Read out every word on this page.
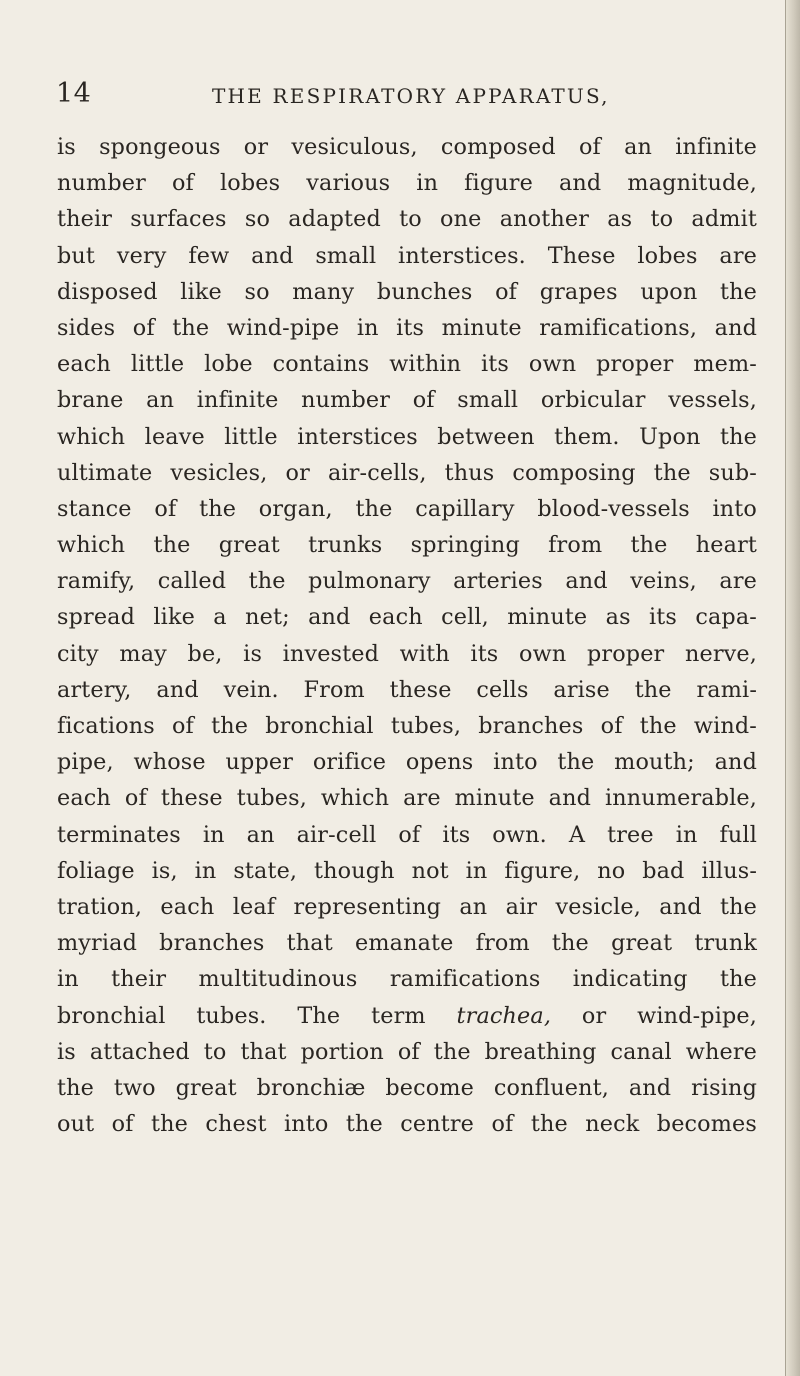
14	THE RESPIRATORY APPARATUS,
is spongeous or vesiculous, composed of an infinite
number of lobes various in figure and magnitude,
their surfaces so adapted to one another as to admit
but very few and small interstices. These lobes are
disposed like so many bunches of grapes upon the
sides of the wind-pipe in its minute ramifications, and
each little lobe contains within its own proper mem-
brane an infinite number of small orbicular vessels,
which leave little interstices between them. Upon the
ultimate vesicles, or air-cells, thus composing the sub-
stance of the organ, the capillary blood-vessels into
which the great trunks springing from the heart
ramify, called the pulmonary arteries and veins, are
spread like a net; and each cell, minute as its capa-
city may be, is invested with its own proper nerve,
artery, and vein. From these cells arise the rami-
fications of the bronchial tubes, branches of the wind-
pipe, whose upper orifice opens into the mouth; and
each of these tubes, which are minute and innumerable,
terminates in an air-cell of its own. A tree in full
foliage is, in state, though not in figure, no bad illus-
tration, each leaf representing an air vesicle, and the
myriad branches that emanate from the great trunk
in their multitudinous ramifications indicating the
bronchial tubes. The term trachea, or wind-pipe,
is attached to that portion of the breathing canal where
the two great bronchiæ become confluent, and rising
out of the chest into the centre of the neck becomes
